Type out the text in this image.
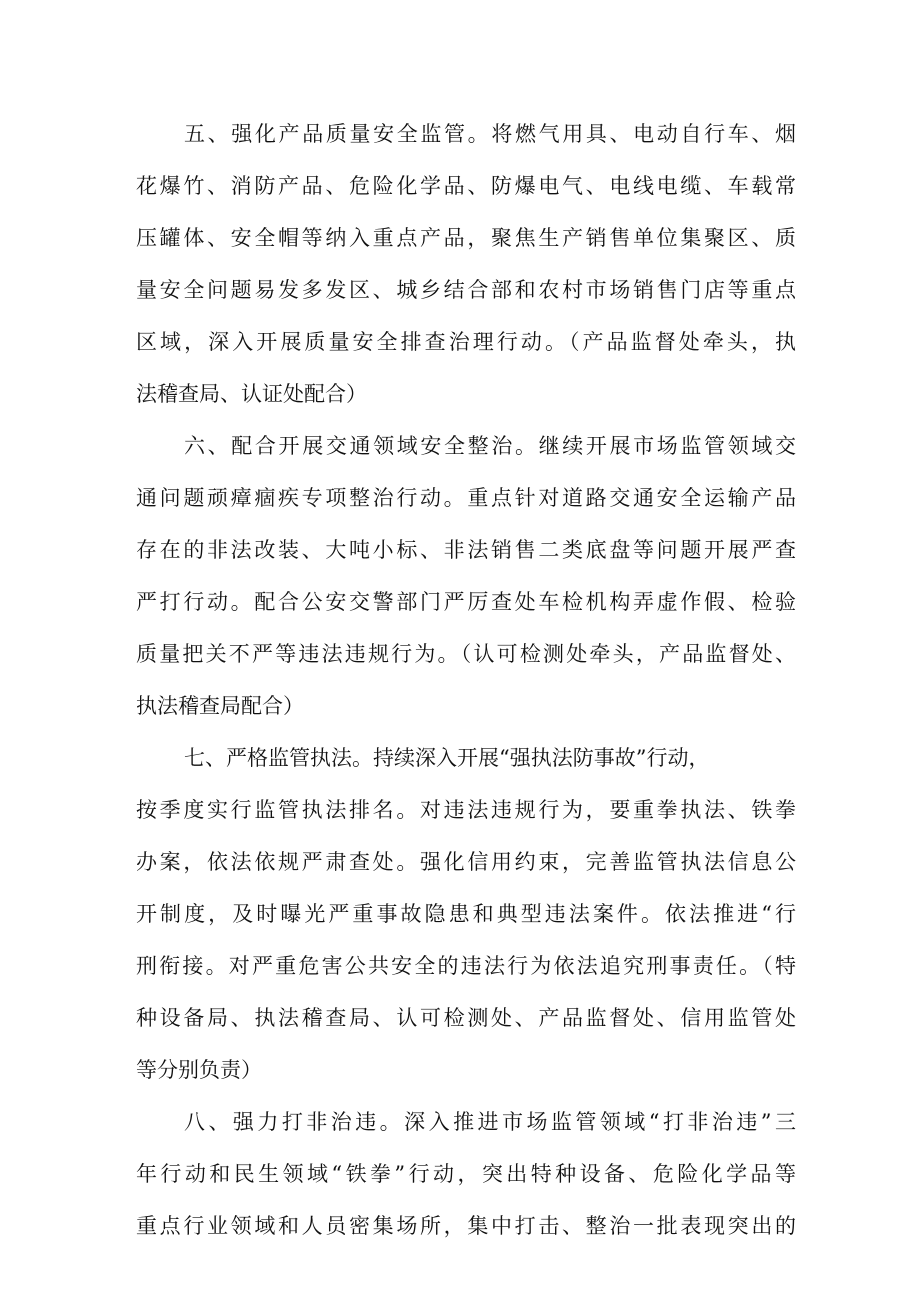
五、强化产品质量安全监管。将燃气用具、电动自行车、烟
花爆竹、消防产品、危险化学品、防爆电气、电线电缆、车载常
压罐体、安全帽等纳入重点产品，聚焦生产销售单位集聚区、质
量安全问题易发多发区、城乡结合部和农村市场销售门店等重点
区域，深入开展质量安全排查治理行动。（产品监督处牵头，执
法稽查局、认证处配合）
六、配合开展交通领域安全整治。继续开展市场监管领域交
通问题顽瘴痼疾专项整治行动。重点针对道路交通安全运输产品
存在的非法改装、大吨小标、非法销售二类底盘等问题开展严查
严打行动。配合公安交警部门严厉查处车检机构弄虚作假、检验
质量把关不严等违法违规行为。（认可检测处牵头，产品监督处、
执法稽查局配合）
七、严格监管执法。持续深入开展“强执法防事故”行动，
按季度实行监管执法排名。对违法违规行为，要重拳执法、铁拳
办案，依法依规严肃查处。强化信用约束，完善监管执法信息公
开制度，及时曝光严重事故隐患和典型违法案件。依法推进“行
刑衔接。对严重危害公共安全的违法行为依法追究刑事责任。（特
种设备局、执法稽查局、认可检测处、产品监督处、信用监管处
等分别负责）
八、强力打非治违。深入推进市场监管领域“打非治违”三
年行动和民生领域“铁拳”行动，突出特种设备、危险化学品等
重点行业领域和人员密集场所，集中打击、整治一批表现突出的
